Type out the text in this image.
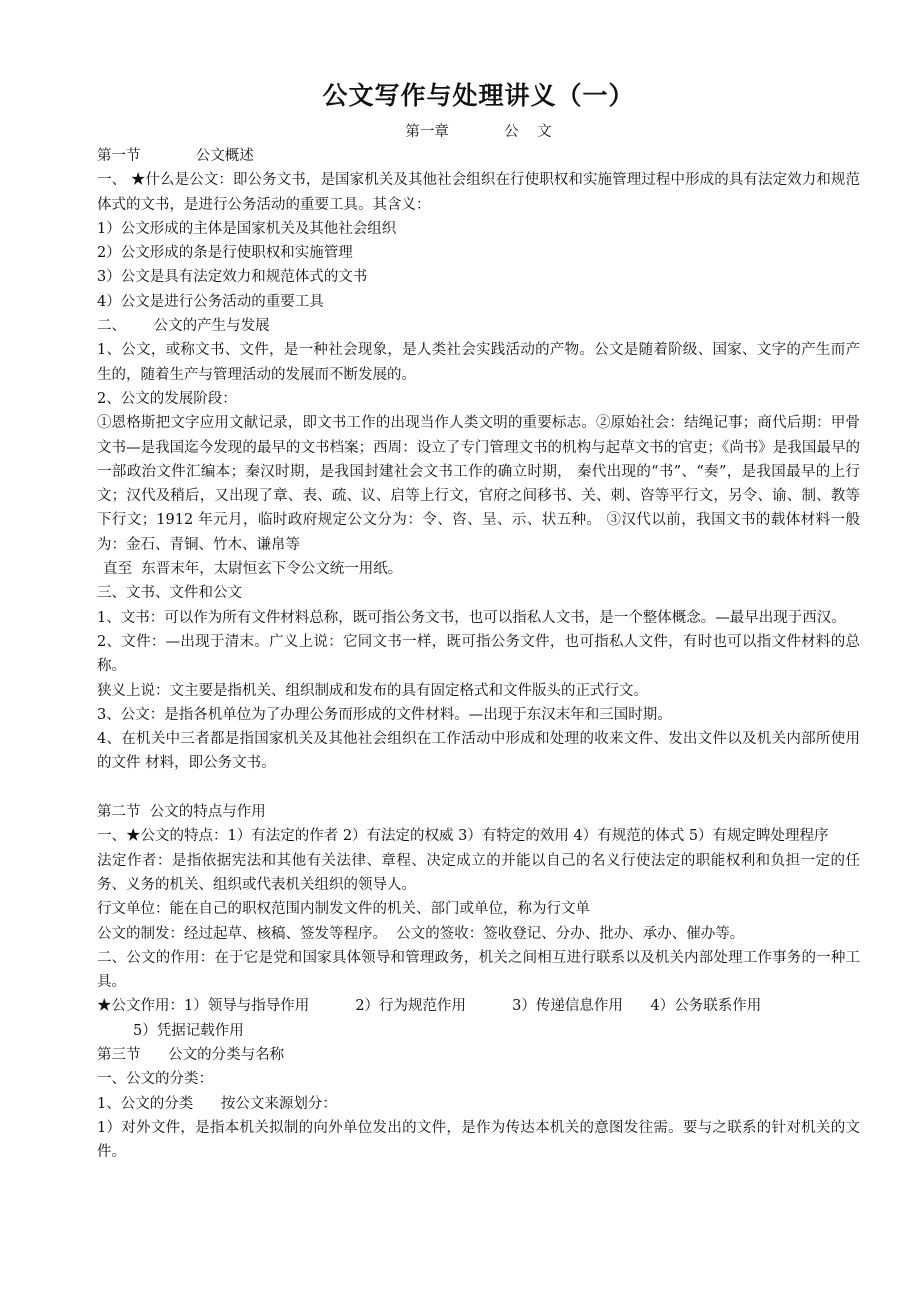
公文写作与处理讲义（一）

第一章            公    文

第一节            公文概述

一、 ★什么是公文：即公务文书，是国家机关及其他社会组织在行使职权和实施管理过程中形成的具有法定效力和规范体式的文书，是进行公务活动的重要工具。其含义：

1）公文形成的主体是国家机关及其他社会组织

2）公文形成的条是行使职权和实施管理

3）公文是具有法定效力和规范体式的文书

4）公文是进行公务活动的重要工具

二、      公文的产生与发展

1、公文，或称文书、文件，是一种社会现象，是人类社会实践活动的产物。公文是随着阶级、国家、文字的产生而产生的，随着生产与管理活动的发展而不断发展的。

2、公文的发展阶段：

①恩格斯把文字应用文献记录，即文书工作的出现当作人类文明的重要标志。②原始社会：结绳记事；商代后期：甲骨文书—是我国迄今发现的最早的文书档案；西周：设立了专门管理文书的机构与起草文书的官吏；《尚书》是我国最早的一部政治文件汇编本；秦汉时期，是我国封建社会文书工作的确立时期， 秦代出现的“书”、“奏”，是我国最早的上行文；汉代及稍后，又出现了章、表、疏、议、启等上行文，官府之间移书、关、刺、咨等平行文，另令、谕、制、教等下行文；1912 年元月，临时政府规定公文分为：令、咨、呈、示、状五种。 ③汉代以前，我国文书的载体材料一般为：金石、青铜、竹木、谦帛等

直至  东晋末年，太尉恒玄下令公文统一用纸。

三、文书、文件和公文

1、文书：可以作为所有文件材料总称，既可指公务文书，也可以指私人文书，是一个整体概念。—最早出现于西汉。

2、文件：—出现于清末。广义上说：它同文书一样，既可指公务文件，也可指私人文件，有时也可以指文件材料的总称。

狭义上说：文主要是指机关、组织制成和发布的具有固定格式和文件版头的正式行文。

3、公文：是指各机单位为了办理公务而形成的文件材料。—出现于东汉末年和三国时期。

4、在机关中三者都是指国家机关及其他社会组织在工作活动中形成和处理的收来文件、发出文件以及机关内部所使用的文件 材料，即公务文书。

第二节  公文的特点与作用

一、★公文的特点：1）有法定的作者 2）有法定的权威 3）有特定的效用 4）有规范的体式 5）有规定睥处理程序

法定作者：是指依据宪法和其他有关法律、章程、决定成立的并能以自己的名义行使法定的职能权利和负担一定的任务、义务的机关、组织或代表机关组织的领导人。

行文单位：能在自己的职权范围内制发文件的机关、部门或单位，称为行文单

公文的制发：经过起草、核稿、签发等程序。  公文的签收：签收登记、分办、批办、承办、催办等。

二、公文的作用：在于它是党和国家具体领导和管理政务，机关之间相互进行联系以及机关内部处理工作事务的一种工具。

★公文作用：1）领导与指导作用          2）行为规范作用          3）传递信息作用      4）公务联系作用

5）凭据记载作用

第三节      公文的分类与名称

一、公文的分类：

1、公文的分类      按公文来源划分：

1）对外文件，是指本机关拟制的向外单位发出的文件，是作为传达本机关的意图发往需。要与之联系的针对机关的文件。
